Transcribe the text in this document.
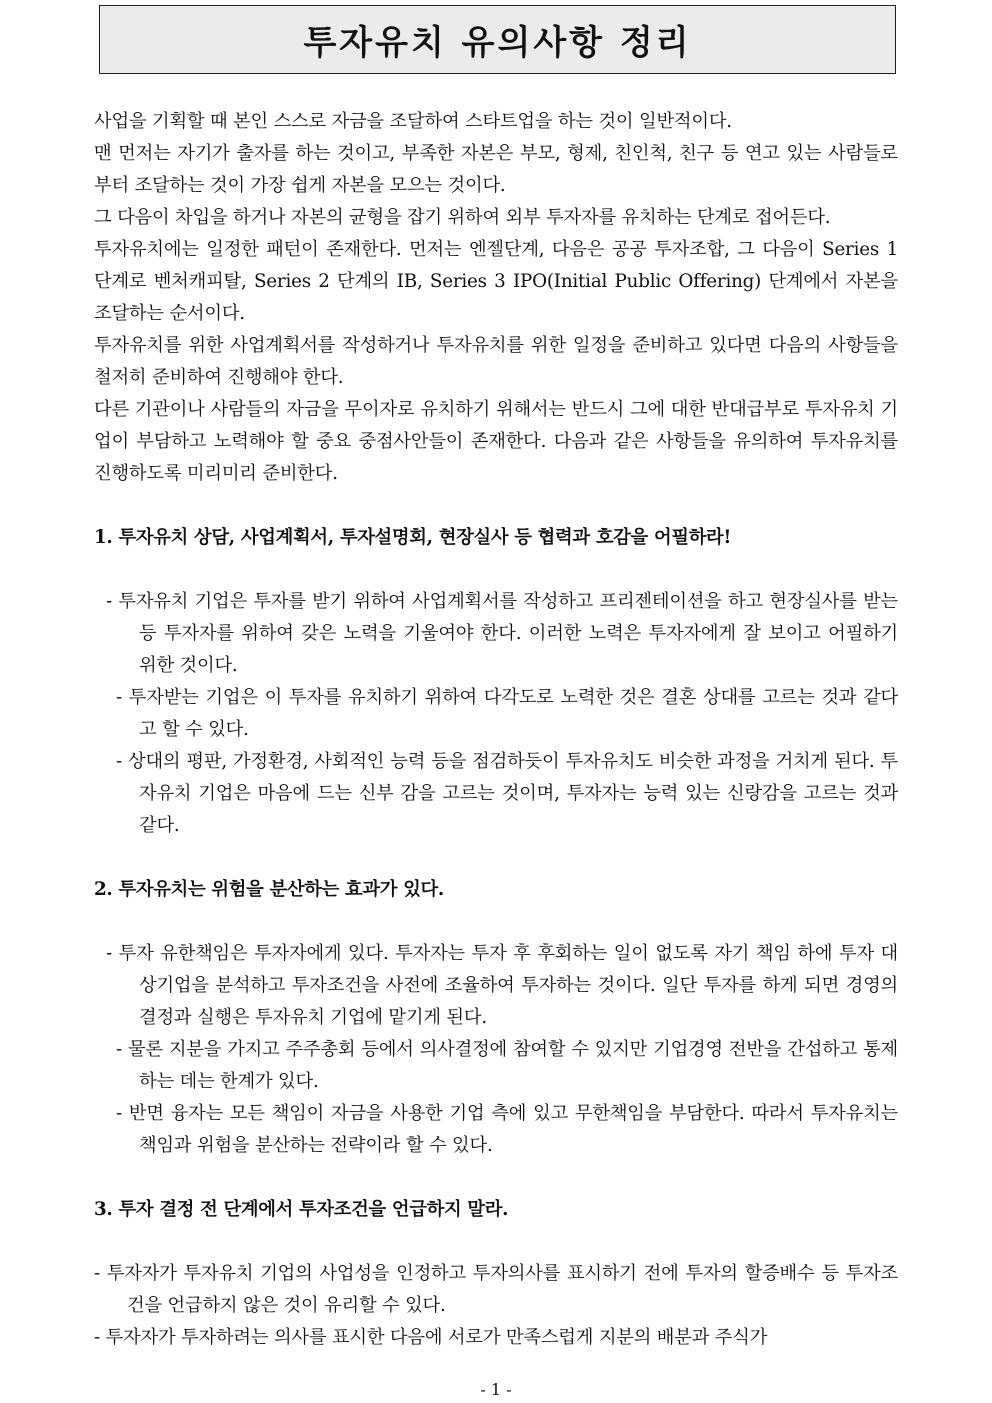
투자유치 유의사항 정리

사업을 기획할 때 본인 스스로 자금을 조달하여 스타트업을 하는 것이 일반적이다.

맨 먼저는 자기가 출자를 하는 것이고, 부족한 자본은 부모, 형제, 친인척, 친구 등 연고 있는 사람들로부터 조달하는 것이 가장 쉽게 자본을 모으는 것이다.

그 다음이 차입을 하거나 자본의 균형을 잡기 위하여 외부 투자자를 유치하는 단계로 접어든다.

투자유치에는 일정한 패턴이 존재한다. 먼저는 엔젤단계, 다음은 공공 투자조합, 그 다음이 Series 1 단계로 벤처캐피탈, Series 2 단계의 IB, Series 3 IPO(Initial Public Offering) 단계에서 자본을 조달하는 순서이다.

투자유치를 위한 사업계획서를 작성하거나 투자유치를 위한 일정을 준비하고 있다면 다음의 사항들을 철저히 준비하여 진행해야 한다.

다른 기관이나 사람들의 자금을 무이자로 유치하기 위해서는 반드시 그에 대한 반대급부로 투자유치 기업이 부담하고 노력해야 할 중요 중점사안들이 존재한다. 다음과 같은 사항들을 유의하여 투자유치를 진행하도록 미리미리 준비한다.

1. 투자유치 상담, 사업계획서, 투자설명회, 현장실사 등 협력과 호감을 어필하라!

- 투자유치 기업은 투자를 받기 위하여 사업계획서를 작성하고 프리젠테이션을 하고 현장실사를 받는 등 투자자를 위하여 갖은 노력을 기울여야 한다. 이러한 노력은 투자자에게 잘 보이고 어필하기 위한 것이다.

- 투자받는 기업은 이 투자를 유치하기 위하여 다각도로 노력한 것은 결혼 상대를 고르는 것과 같다고 할 수 있다.

- 상대의 평판, 가정환경, 사회적인 능력 등을 점검하듯이 투자유치도 비슷한 과정을 거치게 된다. 투자유치 기업은 마음에 드는 신부 감을 고르는 것이며, 투자자는 능력 있는 신랑감을 고르는 것과 같다.

2. 투자유치는 위험을 분산하는 효과가 있다.

- 투자 유한책임은 투자자에게 있다. 투자자는 투자 후 후회하는 일이 없도록 자기 책임 하에 투자 대상기업을 분석하고 투자조건을 사전에 조율하여 투자하는 것이다. 일단 투자를 하게 되면 경영의 결정과 실행은 투자유치 기업에 맡기게 된다.

- 물론 지분을 가지고 주주총회 등에서 의사결정에 참여할 수 있지만 기업경영 전반을 간섭하고 통제하는 데는 한계가 있다.

- 반면 융자는 모든 책임이 자금을 사용한 기업 측에 있고 무한책임을 부담한다. 따라서 투자유치는 책임과 위험을 분산하는 전략이라 할 수 있다.

3. 투자 결정 전 단계에서 투자조건을 언급하지 말라.

- 투자자가 투자유치 기업의 사업성을 인정하고 투자의사를 표시하기 전에 투자의 할증배수 등 투자조건을 언급하지 않은 것이 유리할 수 있다.

- 투자자가 투자하려는 의사를 표시한 다음에 서로가 만족스럽게 지분의 배분과 주식가

- 1 -
